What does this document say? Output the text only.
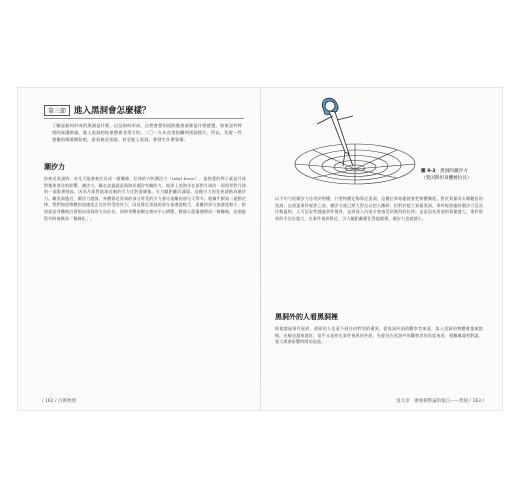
第三節 進入黑洞會怎麼樣？
了解是如何形成的黑洞是什麼，以及如何形成，自然會想知道跌進黑洞會是什麼感覺。如果沒有特別的保護措施，進入黑洞的結果將會非常可怕。二〇一九年首度拍攝到黑洞照片，所以，先從一些想像的情境開始吧，看看接近黑洞、甚至進入黑洞，會發生什麼事情。
潮汐力
你接近黑洞時，首先可能會被拉長成一根麵條，拉伸的力叫潮汐力（tidal force），最熟悉的例子就是月球對地球海洋的影響。潮汐力，顧名思義就是與海洋潮汐有關的力，地球上的海水在面對月球的一面與背對月球的一面都會隆起，因為月球對地球近側的引力比對遠側強，引力隨距離而減弱。這種引力的差異就稱為潮汐力。離黑洞越近，潮汐力越強，身體靠近黑洞的部分所受的引力會比遠離的部分大得多。根據牛頓第二運動定律，我們知道物體的加速度正比於所受的外力，因此靠近黑洞的部分加速度較大，遠離的部分加速度較小，結果就是身體被沿著指向黑洞的方向拉長。同時身體兩側也會向中心擠壓，整個人就像被擠成一條麵條，這個過程有時被稱為「麵條化」。
/ 162 / 百萬物理
圖 9-3　 黑洞的潮汐力
（愛因斯坦身體被拉長）
以不均勻的潮汐力作用於物體，只要物體足夠靠近黑洞，這種拉伸效應就會把物體撕裂。對於質量為太陽數倍的黑洞，在到達事件視界之前，潮汐力就已經大得足以把人撕碎；但對於超大質量黑洞，事件視界處的潮汐力反而比較溫和，人可以安然越過事件視界，直到深入內部才會感受到強烈的拉伸。這是因為黑洞的質量越大，事件視界的半徑也越大，在事件視界附近，引力隨距離變化得越緩慢，潮汐力也就越小。
黑洞外的人看黑洞裡
即使越過事件視界，裡面的人也看不到任何特別的邊界。從黑洞外面的觀察者來看，落入黑洞的物體會越來越慢，光線也越來越紅，似乎永遠停在事件視界的外面，先從站在黑洞外的觀察者的角度來看，根據廣義相對論，重力場會影響時間的流逝。
第九章　廣義相對論的預言——黑洞 / 163 /
